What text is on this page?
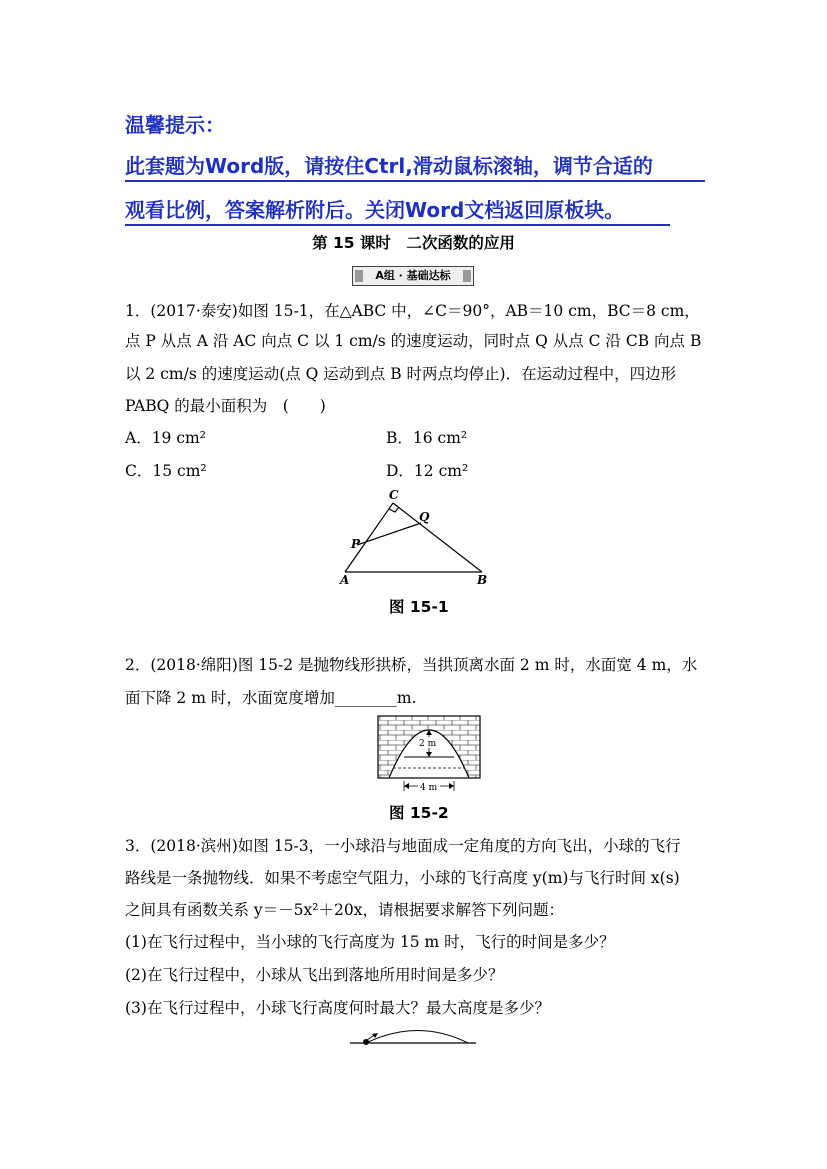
温馨提示：
此套题为Word版，请按住Ctrl,滑动鼠标滚轴，调节合适的
观看比例，答案解析附后。关闭Word文档返回原板块。
第 15 课时　二次函数的应用
A组 · 基础达标
1．(2017·泰安)如图 15-1，在△ABC 中，∠C＝90°，AB＝10 cm，BC＝8 cm，
点 P 从点 A 沿 AC 向点 C 以 1 cm/s 的速度运动，同时点 Q 从点 C 沿 CB 向点 B
以 2 cm/s 的速度运动(点 Q 运动到点 B 时两点均停止)．在运动过程中，四边形
PABQ 的最小面积为　(　　)
A．19 cm²	B．16 cm²
C．15 cm²	D．12 cm²
C
Q
P
A	B
图 15-1
2．(2018·绵阳)图 15-2 是抛物线形拱桥，当拱顶离水面 2 m 时，水面宽 4 m，水
面下降 2 m 时，水面宽度增加________m.
2 m
4 m
图 15-2
3．(2018·滨州)如图 15-3，一小球沿与地面成一定角度的方向飞出，小球的飞行
路线是一条抛物线．如果不考虑空气阻力，小球的飞行高度 y(m)与飞行时间 x(s)
之间具有函数关系 y＝－5x²＋20x，请根据要求解答下列问题：
(1)在飞行过程中，当小球的飞行高度为 15 m 时，飞行的时间是多少？
(2)在飞行过程中，小球从飞出到落地所用时间是多少？
(3)在飞行过程中，小球飞行高度何时最大？最大高度是多少？
